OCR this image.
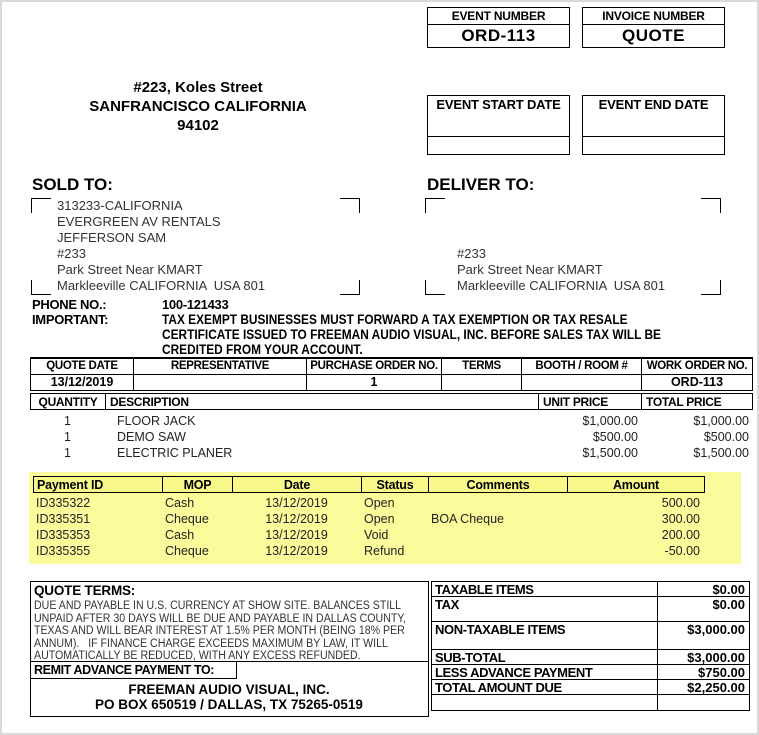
EVENT NUMBER
ORD-113
INVOICE NUMBER
QUOTE
#223, Koles Street
SANFRANCISCO CALIFORNIA
94102
EVENT START DATE	EVENT END DATE
SOLD TO:
313233-CALIFORNIA
EVERGREEN AV RENTALS
JEFFERSON SAM
#233
Park Street Near KMART
Markleeville CALIFORNIA  USA 801
DELIVER TO:
#233
Park Street Near KMART
Markleeville CALIFORNIA  USA 801
PHONE NO.:	100-121433
IMPORTANT:	TAX EXEMPT BUSINESSES MUST FORWARD A TAX EXEMPTION OR TAX RESALE
CERTIFICATE ISSUED TO FREEMAN AUDIO VISUAL, INC. BEFORE SALES TAX WILL BE
CREDITED FROM YOUR ACCOUNT.
QUOTE DATE	REPRESENTATIVE	PURCHASE ORDER NO.	TERMS	BOOTH / ROOM #	WORK ORDER NO.
13/12/2019		1			ORD-113
QUANTITY	DESCRIPTION	UNIT PRICE	TOTAL PRICE
1	FLOOR JACK	$1,000.00	$1,000.00
1	DEMO SAW	$500.00	$500.00
1	ELECTRIC PLANER	$1,500.00	$1,500.00
Payment ID	MOP	Date	Status	Comments	Amount
ID335322	Cash	13/12/2019	Open		500.00
ID335351	Cheque	13/12/2019	Open	BOA Cheque	300.00
ID335353	Cash	13/12/2019	Void		200.00
ID335355	Cheque	13/12/2019	Refund		-50.00
QUOTE TERMS:
DUE AND PAYABLE IN U.S. CURRENCY AT SHOW SITE. BALANCES STILL
UNPAID AFTER 30 DAYS WILL BE DUE AND PAYABLE IN DALLAS COUNTY,
TEXAS AND WILL BEAR INTEREST AT 1.5% PER MONTH (BEING 18% PER
ANNUM).   IF FINANCE CHARGE EXCEEDS MAXIMUM BY LAW, IT WILL
AUTOMATICALLY BE REDUCED, WITH ANY EXCESS REFUNDED.
REMIT ADVANCE PAYMENT TO:
FREEMAN AUDIO VISUAL, INC.
PO BOX 650519 / DALLAS, TX 75265-0519
TAXABLE ITEMS	$0.00
TAX	$0.00
NON-TAXABLE ITEMS	$3,000.00
SUB-TOTAL	$3,000.00
LESS ADVANCE PAYMENT	$750.00
TOTAL AMOUNT DUE	$2,250.00
